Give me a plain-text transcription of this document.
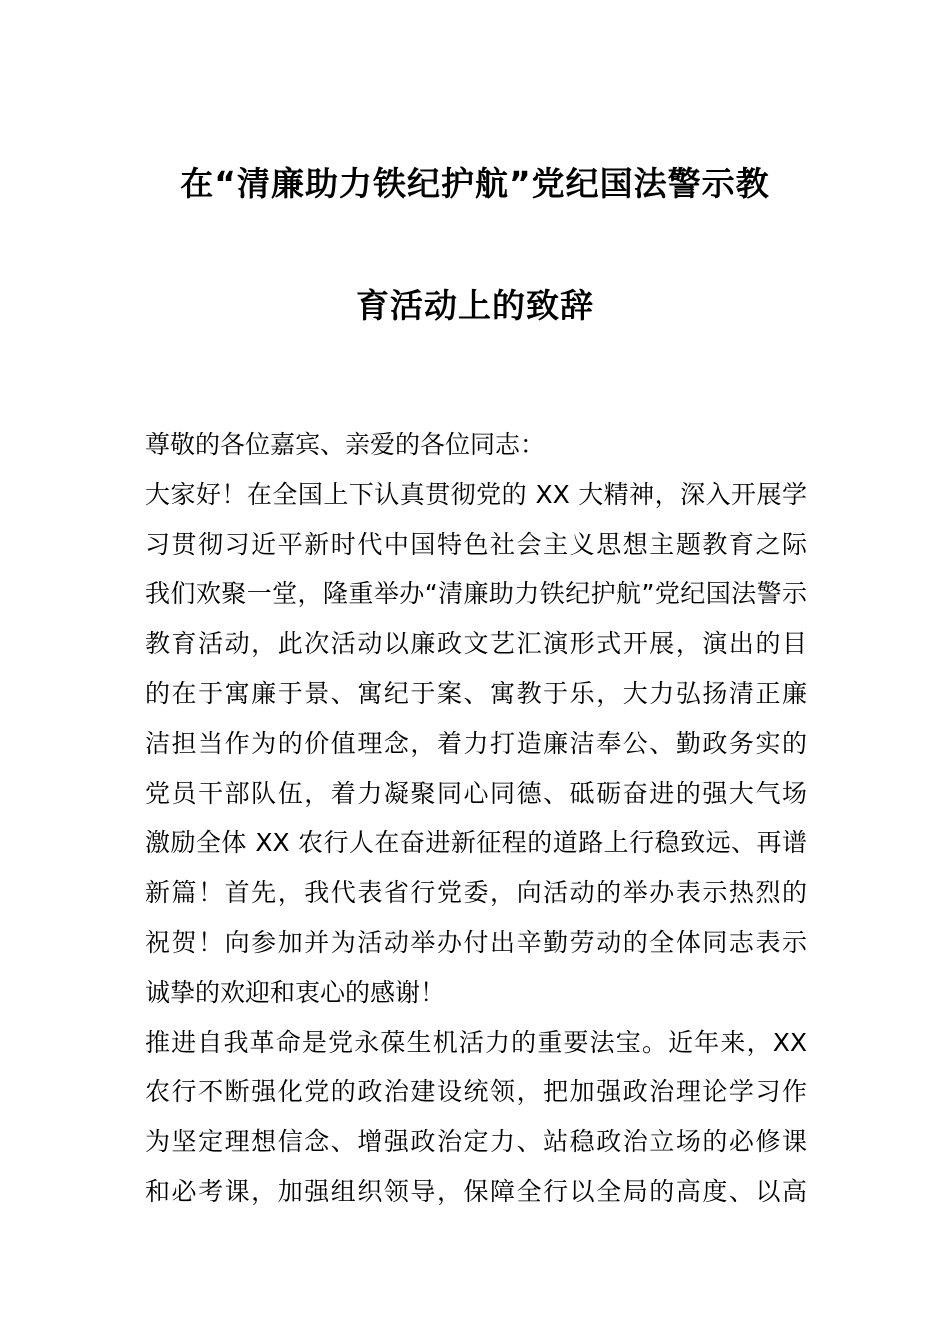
在“清廉助力铁纪护航”党纪国法警示教
育活动上的致辞
尊敬的各位嘉宾、亲爱的各位同志：
大家好！在全国上下认真贯彻党的 XX 大精神，深入开展学
习贯彻习近平新时代中国特色社会主义思想主题教育之际
我们欢聚一堂，隆重举办“清廉助力铁纪护航”党纪国法警示
教育活动，此次活动以廉政文艺汇演形式开展，演出的目
的在于寓廉于景、寓纪于案、寓教于乐，大力弘扬清正廉
洁担当作为的价值理念，着力打造廉洁奉公、勤政务实的
党员干部队伍，着力凝聚同心同德、砥砺奋进的强大气场
激励全体 XX 农行人在奋进新征程的道路上行稳致远、再谱
新篇！首先，我代表省行党委，向活动的举办表示热烈的
祝贺！向参加并为活动举办付出辛勤劳动的全体同志表示
诚挚的欢迎和衷心的感谢！
推进自我革命是党永葆生机活力的重要法宝。近年来，XX
农行不断强化党的政治建设统领，把加强政治理论学习作
为坚定理想信念、增强政治定力、站稳政治立场的必修课
和必考课，加强组织领导，保障全行以全局的高度、以高
